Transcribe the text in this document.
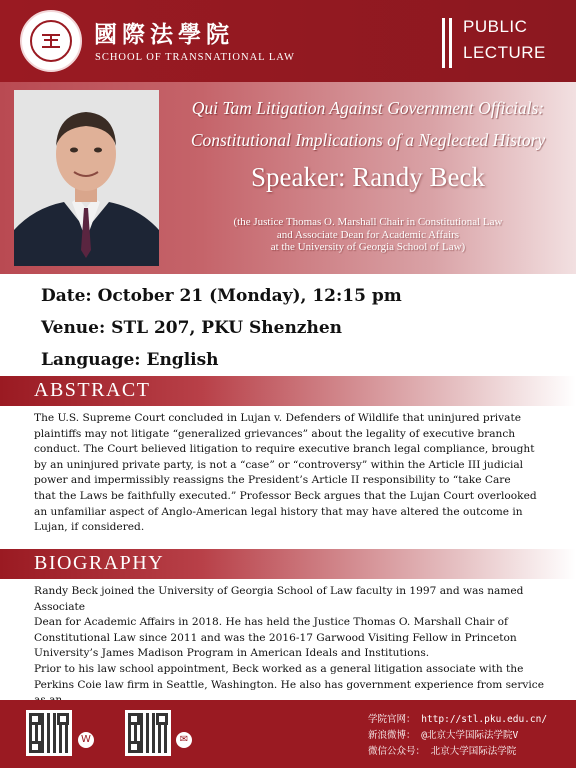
國際法學院
SCHOOL OF TRANSNATIONAL LAW
PUBLIC
LECTURE
Qui Tam Litigation Against Government Officials:
Constitutional Implications of a Neglected History
Speaker: Randy Beck
(the Justice Thomas O. Marshall Chair in Constitutional Law
and Associate Dean for Academic Affairs
at the University of Georgia School of Law)
Date: October 21 (Monday), 12:15 pm
Venue: STL 207, PKU Shenzhen
Language: English
ABSTRACT
The U.S. Supreme Court concluded in Lujan v. Defenders of Wildlife that uninjured private
plaintiffs may not litigate “generalized grievances” about the legality of executive branch
conduct. The Court believed litigation to require executive branch legal compliance, brought
by an uninjured private party, is not a “case” or “controversy” within the Article III judicial
power and impermissibly reassigns the President’s Article II responsibility to “take Care
that the Laws be faithfully executed.” Professor Beck argues that the Lujan Court overlooked
an unfamiliar aspect of Anglo-American legal history that may have altered the outcome in
Lujan, if considered.
BIOGRAPHY
Randy Beck joined the University of Georgia School of Law faculty in 1997 and was named Associate
Dean for Academic Affairs in 2018. He has held the Justice Thomas O. Marshall Chair of
Constitutional Law since 2011 and was the 2016-17 Garwood Visiting Fellow in Princeton
University’s James Madison Program in American Ideals and Institutions.
Prior to his law school appointment, Beck worked as a general litigation associate with the
Perkins Coie law firm in Seattle, Washington. He also has government experience from service
W	✉
学院官网： http://stl.pku.edu.cn/
新浪微博： @北京大学国际法学院V
微信公众号： 北京大学国际法学院
